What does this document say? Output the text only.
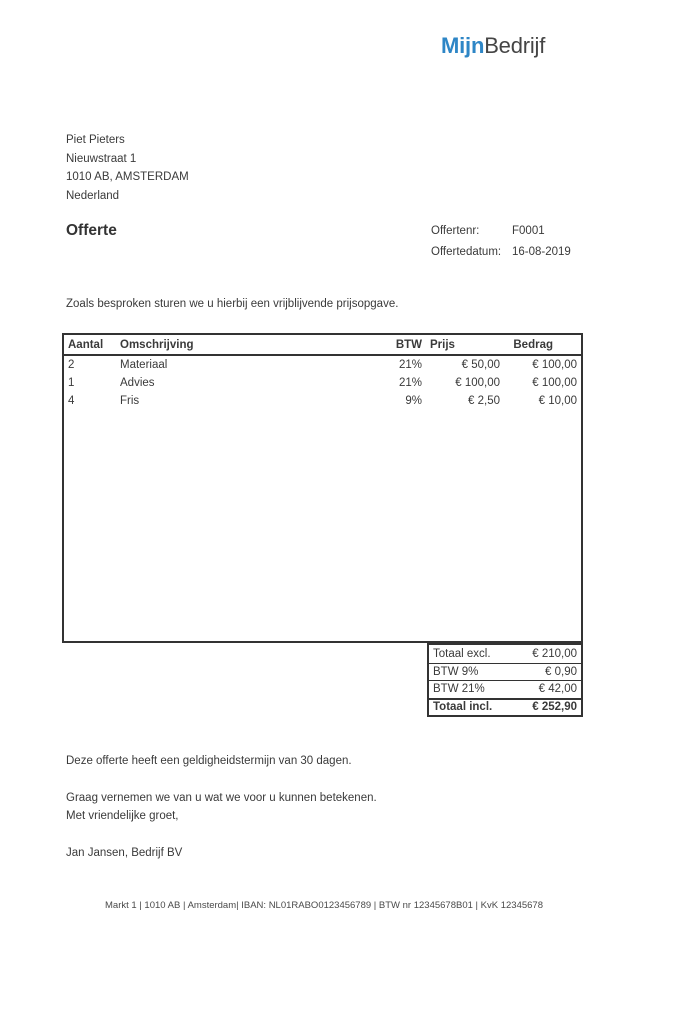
MijnBedrijf
Piet Pieters
Nieuwstraat 1
1010 AB, AMSTERDAM
Nederland
Offerte	Offertenr:	F0001
Offertedatum: 16-08-2019
Zoals besproken sturen we u hierbij een vrijblijvende prijsopgave.
Aantal	Omschrijving	BTW	Prijs	Bedrag
2	Materiaal	21%	€ 50,00	€ 100,00
1	Advies	21%	€ 100,00	€ 100,00
4	Fris	9%	€ 2,50	€ 10,00
Totaal excl.	€ 210,00
BTW 9%	€ 0,90
BTW 21%	€ 42,00
Totaal incl.	€ 252,90
Deze offerte heeft een geldigheidstermijn van 30 dagen.
Graag vernemen we van u wat we voor u kunnen betekenen.
Met vriendelijke groet,
Jan Jansen, Bedrijf BV
Markt 1 | 1010 AB | Amsterdam| IBAN: NL01RABO0123456789 | BTW nr 12345678B01 | KvK 12345678
